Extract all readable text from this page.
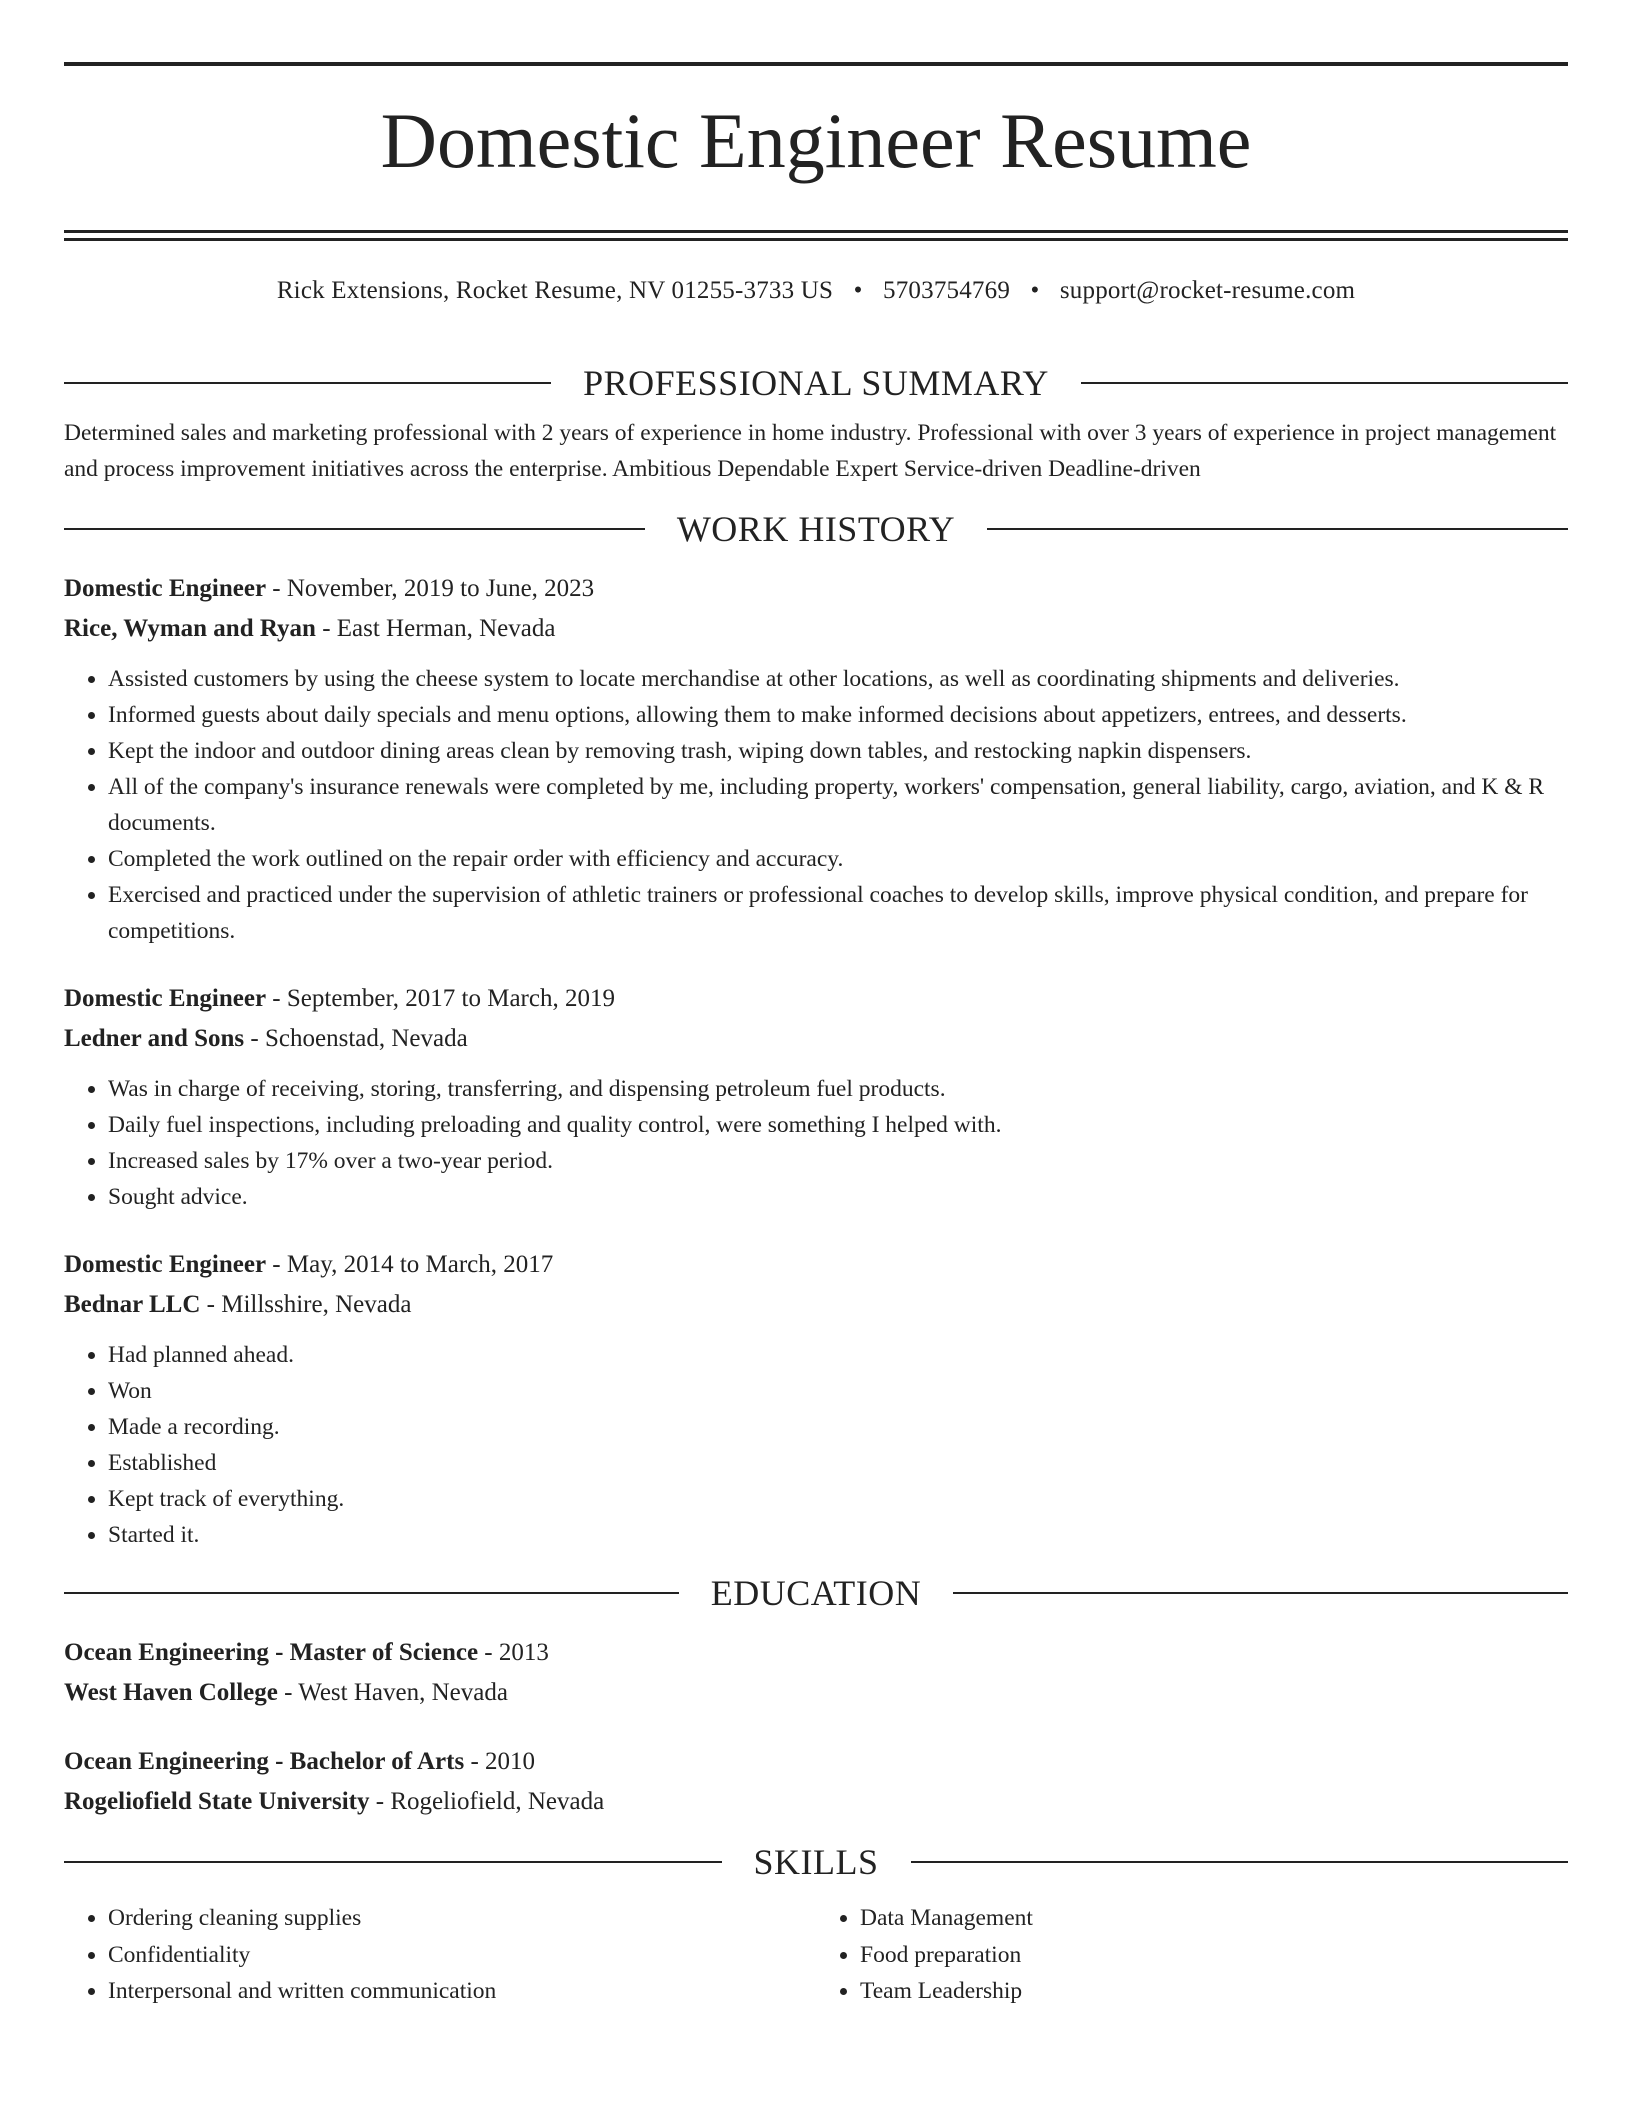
Domestic Engineer Resume
Rick Extensions, Rocket Resume, NV 01255-3733 US • 5703754769 • support@rocket-resume.com
PROFESSIONAL SUMMARY

Determined sales and marketing professional with 2 years of experience in home industry. Professional with over 3 years of experience in project management and process improvement initiatives across the enterprise. Ambitious Dependable Expert Service-driven Deadline-driven

WORK HISTORY
Domestic Engineer - November, 2019 to June, 2023
Rice, Wyman and Ryan - East Herman, Nevada
• Assisted customers by using the cheese system to locate merchandise at other locations, as well as coordinating shipments and deliveries.
• Informed guests about daily specials and menu options, allowing them to make informed decisions about appetizers, entrees, and desserts.
• Kept the indoor and outdoor dining areas clean by removing trash, wiping down tables, and restocking napkin dispensers.
• All of the company's insurance renewals were completed by me, including property, workers' compensation, general liability, cargo, aviation, and K & R documents.
• Completed the work outlined on the repair order with efficiency and accuracy.
• Exercised and practiced under the supervision of athletic trainers or professional coaches to develop skills, improve physical condition, and prepare for competitions.
Domestic Engineer - September, 2017 to March, 2019
Ledner and Sons - Schoenstad, Nevada
• Was in charge of receiving, storing, transferring, and dispensing petroleum fuel products.
• Daily fuel inspections, including preloading and quality control, were something I helped with.
• Increased sales by 17% over a two-year period.
• Sought advice.
Domestic Engineer - May, 2014 to March, 2017
Bednar LLC - Millsshire, Nevada
• Had planned ahead.
• Won
• Made a recording.
• Established
• Kept track of everything.
• Started it.
EDUCATION
Ocean Engineering - Master of Science - 2013
West Haven College - West Haven, Nevada
Ocean Engineering - Bachelor of Arts - 2010
Rogeliofield State University - Rogeliofield, Nevada
SKILLS
• Ordering cleaning supplies
• Confidentiality
• Interpersonal and written communication
• Data Management
• Food preparation
• Team Leadership
